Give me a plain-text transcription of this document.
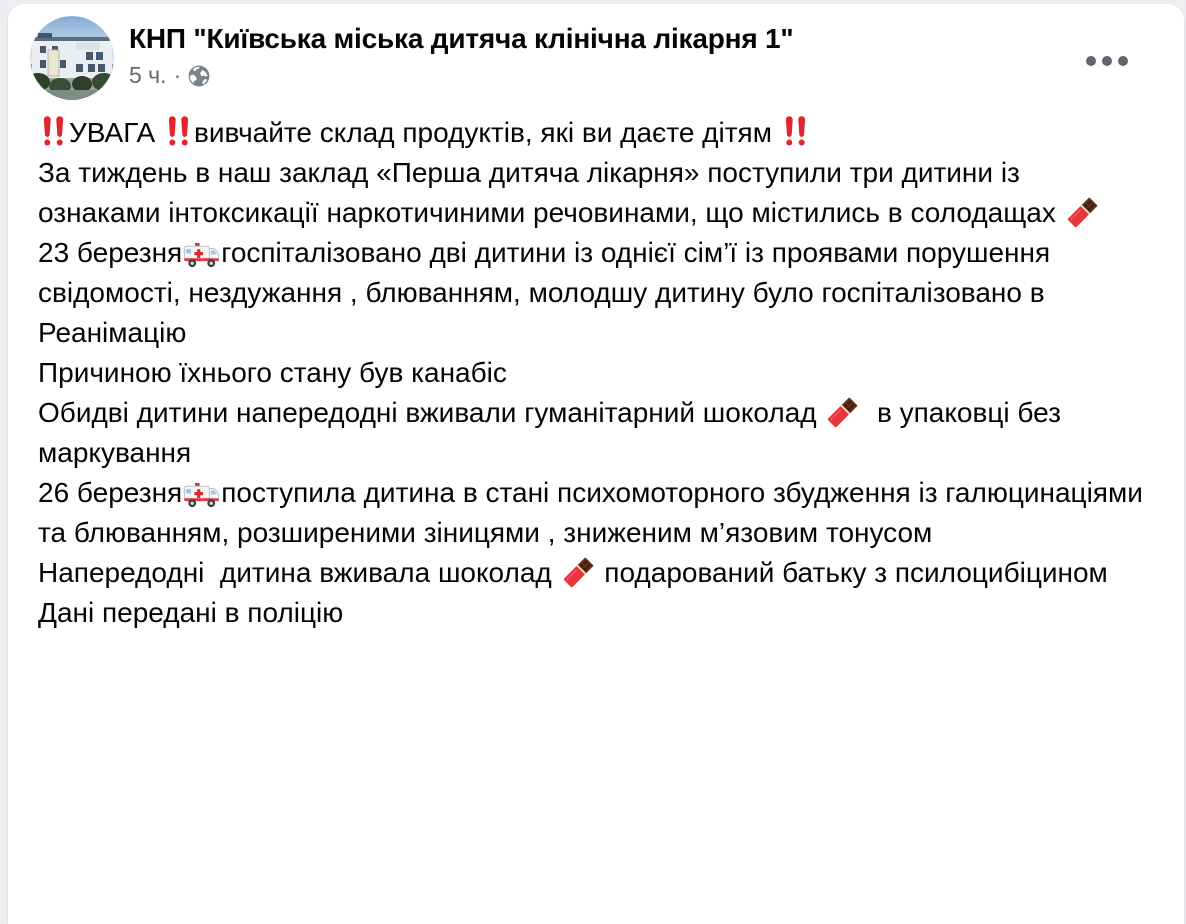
КНП "Київська міська дитяча клінічна лікарня 1"
5 ч. ·
УВАГА вивчайте склад продуктів, які ви даєте дітям
За тиждень в наш заклад «Перша дитяча лікарня» поступили три дитини із ознаками інтоксикації наркотичиними речовинами, що містились в солодащах
23 березня госпіталізовано дві дитини із однієї сім’ї із проявами порушення свідомості, нездужання , блюванням, молодшу дитину було госпіталізовано в Реанімацію
Причиною їхнього стану був канабіс
Обидві дитини напередодні вживали гуманітарний шоколад   в упаковці без маркування
26 березня поступила дитина в стані психомоторного збудження із галюцинаціями та блюванням, розширеними зіницями , зниженим м’язовим тонусом
Напередодні  дитина вживала шоколад  подарований батьку з псилоцибіцином
Дані передані в поліцію
